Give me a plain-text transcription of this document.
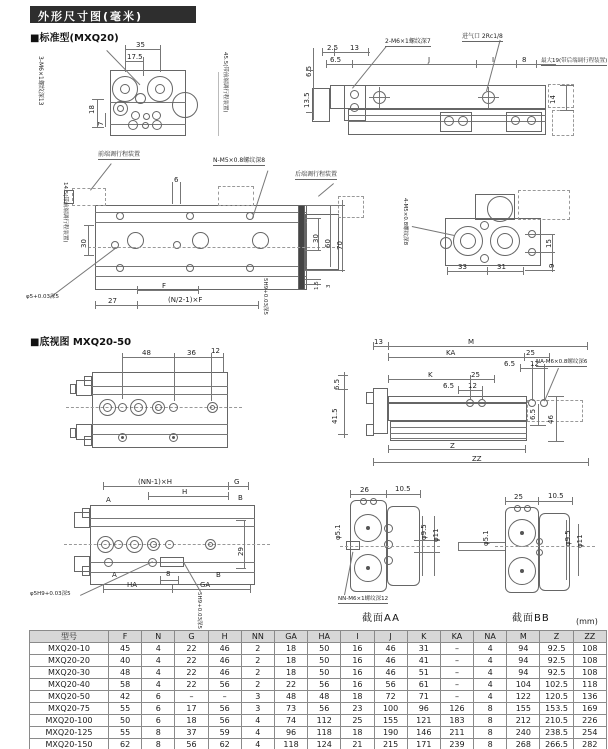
外形尺寸图(毫米)
■标准型(MXQ20)
■底视图 MXQ20-50
(mm)
35
17.5
18
7
3-M6×1螺纹深13	45.5(带前端调行程装置)
2-M6×1螺纹深7
进气口 2Rc1/8
最大19(带后端调行程装置)
2.5 13
6.5	J	I	8
6.5
13.5	14
前端调行程装置
N-M5×0.8螺纹深8
后端调行程装置
14.5(带前端调行程装置)
6
30
30
60 70
1.5 3
F
(N/2-1)×F
27
φ5+0.03深5	5H9+0.03深5
4-M5×0.8螺纹深8
33	31
15
9
48	36 12
13	M
KA	25
6.5 12
K	25
6.5 12
NA-M6×0.8螺纹深6
6.5
41.5	6.5 46
Z
ZZ
(NN-1)×H	G
H
A	B
29
A
HA
8
GA
B
φ5H9+0.03深5	5H9+0.03深5
26	10.5
φ5.1	φ9.5 φ11
NN-M6×1螺纹深12
截面AA
25	10.5
φ5.1	φ9.5 φ11
截面BB
型号	F	N	G	H	NN	GA	HA	I	J	K	KA	NA	M	Z	ZZ
MXQ20-10	45	4	22	46	2	18	50	16	46	31	–	4	94	92.5	108
MXQ20-20	40	4	22	46	2	18	50	16	46	41	–	4	94	92.5	108
MXQ20-30	48	4	22	46	2	18	50	16	46	51	–	4	94	92.5	108
MXQ20-40	58	4	22	56	2	22	56	16	56	61	–	4	104	102.5	118
MXQ20-50	42	6	–	–	3	48	48	18	72	71	–	4	122	120.5	136
MXQ20-75	55	6	17	56	3	73	56	23	100	96	126	8	155	153.5	169
MXQ20-100	50	6	18	56	4	74	112	25	155	121	183	8	212	210.5	226
MXQ20-125	55	8	37	59	4	96	118	18	190	146	211	8	240	238.5	254
MXQ20-150	62	8	56	62	4	118	124	21	215	171	239	8	268	266.5	282
